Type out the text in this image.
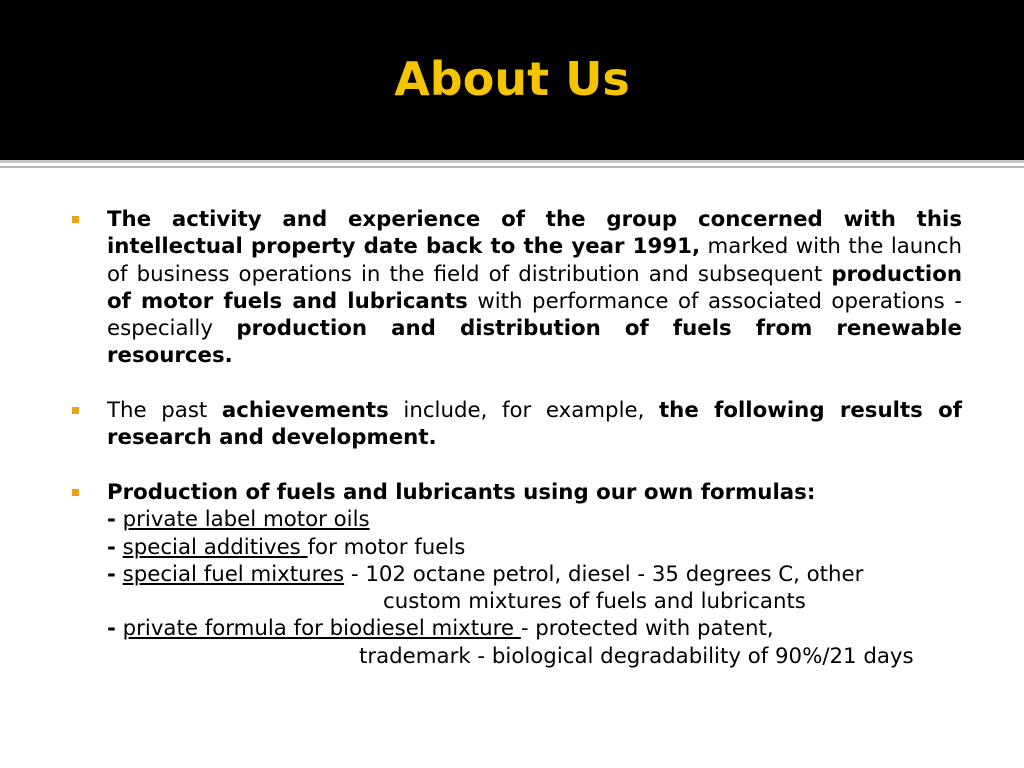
About Us

The activity and experience of the group concerned with this intellectual property date back to the year 1991, marked with the launch of business operations in the field of distribution and subsequent production of motor fuels and lubricants with performance of associated operations - especially production and distribution of fuels from renewable resources.

The past achievements include, for example, the following results of research and development.

Production of fuels and lubricants using our own formulas:
- private label motor oils
- special additives for motor fuels
- special fuel mixtures - 102 octane petrol, diesel - 35 degrees C, other
custom mixtures of fuels and lubricants
- private formula for biodiesel mixture - protected with patent,
trademark - biological degradability of 90%/21 days
